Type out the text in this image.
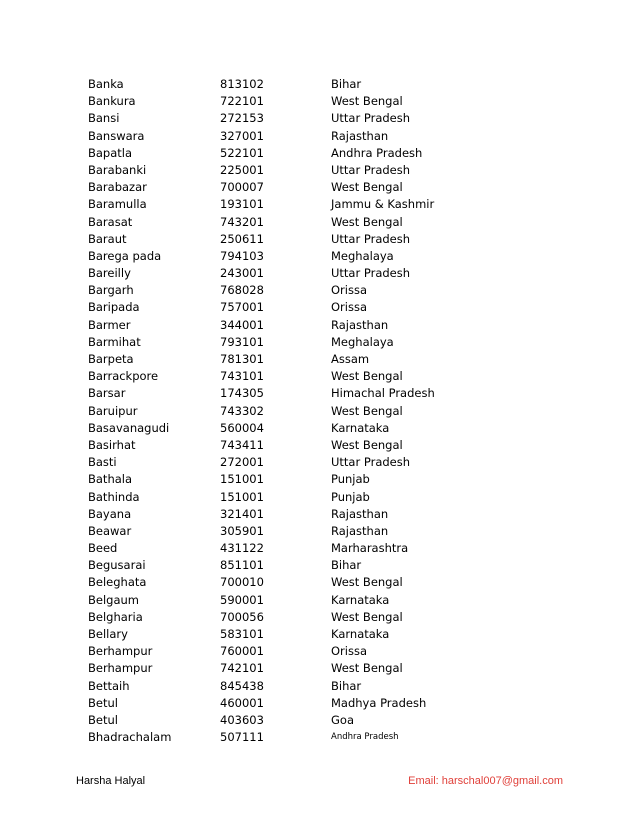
Banka	813102	Bihar
Bankura	722101	West Bengal
Bansi	272153	Uttar Pradesh
Banswara	327001	Rajasthan
Bapatla	522101	Andhra Pradesh
Barabanki	225001	Uttar Pradesh
Barabazar	700007	West Bengal
Baramulla	193101	Jammu & Kashmir
Barasat	743201	West Bengal
Baraut	250611	Uttar Pradesh
Barega pada	794103	Meghalaya
Bareilly	243001	Uttar Pradesh
Bargarh	768028	Orissa
Baripada	757001	Orissa
Barmer	344001	Rajasthan
Barmihat	793101	Meghalaya
Barpeta	781301	Assam
Barrackpore	743101	West Bengal
Barsar	174305	Himachal Pradesh
Baruipur	743302	West Bengal
Basavanagudi	560004	Karnataka
Basirhat	743411	West Bengal
Basti	272001	Uttar Pradesh
Bathala	151001	Punjab
Bathinda	151001	Punjab
Bayana	321401	Rajasthan
Beawar	305901	Rajasthan
Beed	431122	Marharashtra
Begusarai	851101	Bihar
Beleghata	700010	West Bengal
Belgaum	590001	Karnataka
Belgharia	700056	West Bengal
Bellary	583101	Karnataka
Berhampur	760001	Orissa
Berhampur	742101	West Bengal
Bettaih	845438	Bihar
Betul	460001	Madhya Pradesh
Betul	403603	Goa
Bhadrachalam	507111	Andhra Pradesh
Harsha Halyal	Email: harschal007@gmail.com
